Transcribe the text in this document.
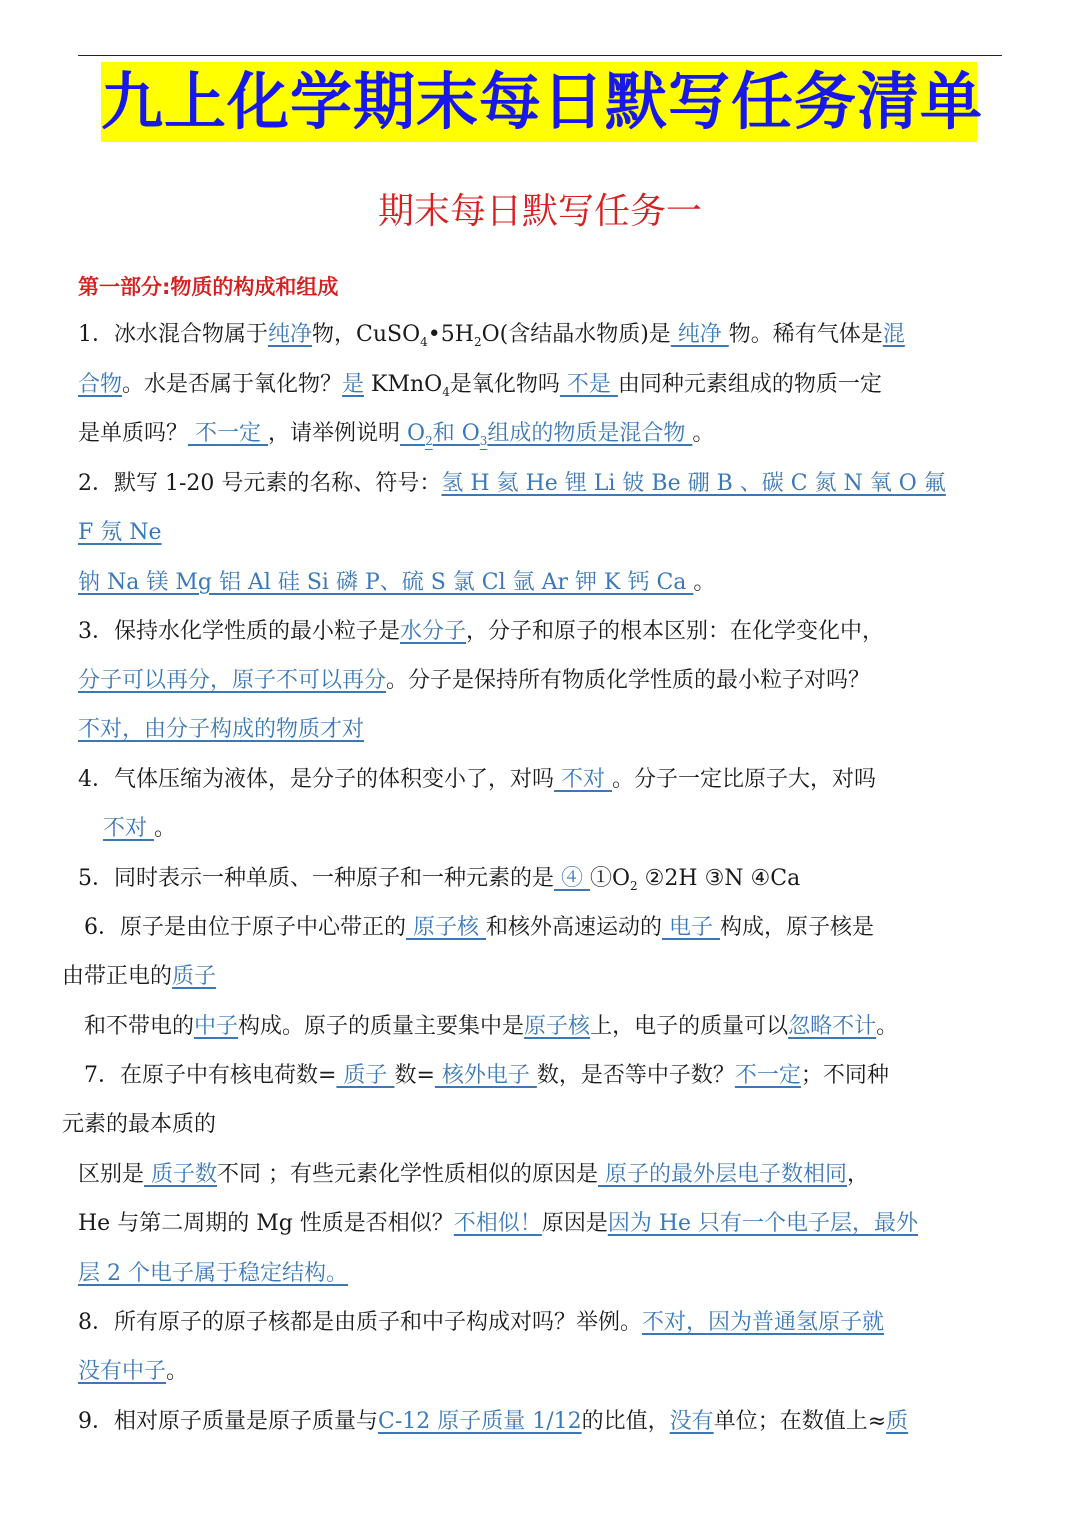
九上化学期末每日默写任务清单
期末每日默写任务一
第一部分:物质的构成和组成
1．冰水混合物属于纯净物，$CuSO_4•5H_2O$(含结晶水物质)是 纯净 物。稀有气体是混
合物。水是否属于氧化物？是 KMnO$_4$是氧化物吗 不是 由同种元素组成的物质一定
是单质吗？ 不一定 ，请举例说明 $O_2$和 $O_3$组成的物质是混合物 。
2．默写 1-20 号元素的名称、符号：氢 H 氦 He 锂 Li 铍 Be 硼 B 、碳 C 氮 N 氧 O 氟
F 氖 Ne
钠 Na 镁 Mg 铝 Al 硅 Si 磷 P、硫 S 氯 Cl 氩 Ar 钾 K 钙 Ca 。
3．保持水化学性质的最小粒子是水分子，分子和原子的根本区别：在化学变化中，
分子可以再分，原子不可以再分。分子是保持所有物质化学性质的最小粒子对吗？
不对，由分子构成的物质才对
4．气体压缩为液体，是分子的体积变小了，对吗 不对 。分子一定比原子大，对吗
不对 。
5．同时表示一种单质、一种原子和一种元素的是 ④ $①O_2$ ②2H ③N ④Ca
6．原子是由位于原子中心带正的 原子核 和核外高速运动的 电子 构成，原子核是
由带正电的质子
和不带电的中子构成。原子的质量主要集中是原子核上，电子的质量可以忽略不计。
7．在原子中有核电荷数= 质子 数= 核外电子 数，是否等中子数？不一定；不同种
元素的最本质的
区别是 质子数不同 ；有些元素化学性质相似的原因是 原子的最外层电子数相同，
He 与第二周期的 Mg 性质是否相似？不相似！原因是因为 He 只有一个电子层，最外
层 2 个电子属于稳定结构。
8．所有原子的原子核都是由质子和中子构成对吗？举例。不对，因为普通氢原子就
没有中子。
9．相对原子质量是原子质量与C-12 原子质量 1/12的比值，没有单位；在数值上≈质
